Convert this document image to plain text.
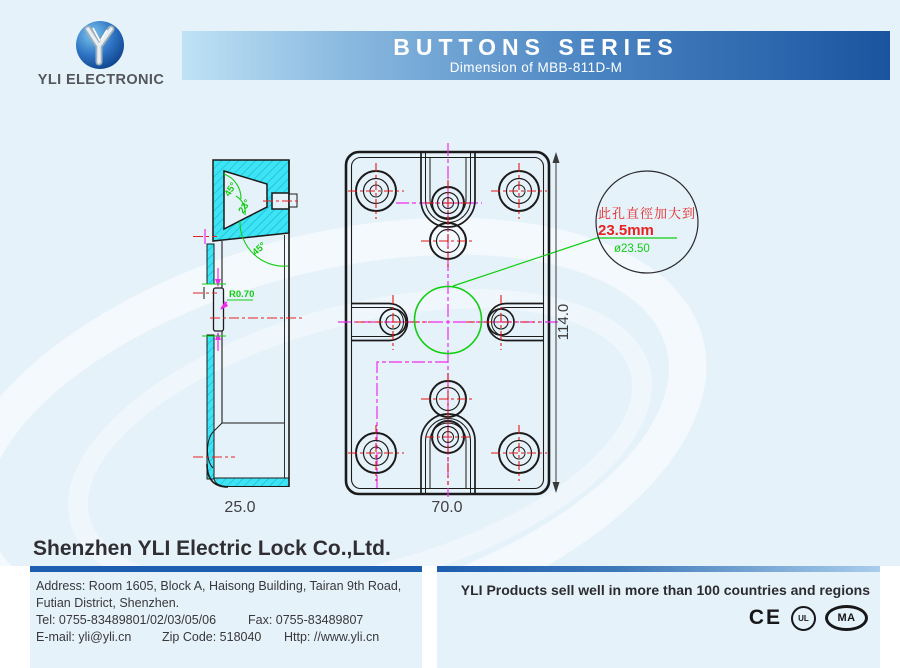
YLI ELECTRONIC
BUTTONS SERIES
Dimension of MBB-811D-M
45°
23°
45°
R0.70
25.0
114.0
70.0
此孔直徑加大到
23.5mm
ø23.50
Shenzhen YLI Electric Lock Co.,Ltd.
Address: Room 1605, Block A, Haisong Building, Tairan 9th Road,
Futian District, Shenzhen.
Tel: 0755-83489801/02/03/05/06	Fax: 0755-83489807
E-mail: yli@yli.cn Zip Code: 518040 Http: //www.yli.cn
YLI Products sell well in more than 100 countries and regions
CE	UL	MA
